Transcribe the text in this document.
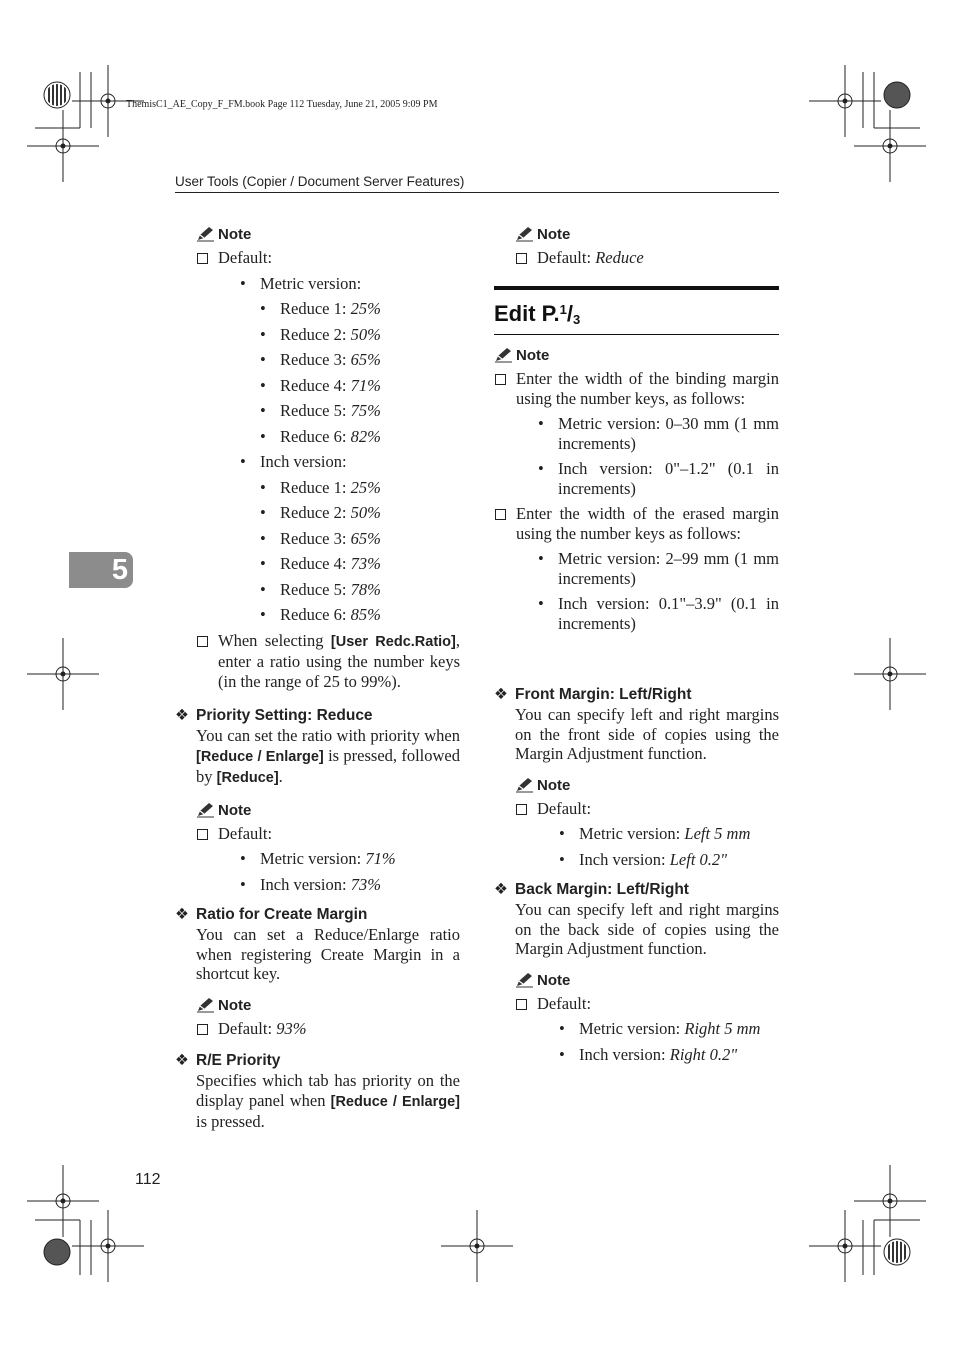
ThemisC1_AE_Copy_F_FM.book Page 112 Tuesday, June 21, 2005 9:09 PM
User Tools (Copier / Document Server Features)
5
112
Note
Default:
• Metric version:
• Reduce 1: 25%
• Reduce 2: 50%
• Reduce 3: 65%
• Reduce 4: 71%
• Reduce 5: 75%
• Reduce 6: 82%
• Inch version:
• Reduce 1: 25%
• Reduce 2: 50%
• Reduce 3: 65%
• Reduce 4: 73%
• Reduce 5: 78%
• Reduce 6: 85%
When selecting [User Redc.Ratio], enter a ratio using the number keys (in the range of 25 to 99%).
❖ Priority Setting: Reduce
You can set the ratio with priority when [Reduce / Enlarge] is pressed, followed by [Reduce].
Note
Default:
• Metric version: 71%
• Inch version: 73%
❖ Ratio for Create Margin
You can set a Reduce/Enlarge ratio when registering Create Margin in a shortcut key.
Note
Default: 93%
❖ R/E Priority
Specifies which tab has priority on the display panel when [Reduce / Enlarge] is pressed.
Note
Default: Reduce
Edit $P.^1/_3$
Note
Enter the width of the binding margin using the number keys, as follows:
• Metric version: 0–30 mm (1 mm increments)
• Inch version: 0"–1.2" (0.1 in increments)
Enter the width of the erased margin using the number keys as follows:
• Metric version: 2–99 mm (1 mm increments)
• Inch version: 0.1"–3.9" (0.1 in increments)
❖ Front Margin: Left/Right
You can specify left and right margins on the front side of copies using the Margin Adjustment function.
Note
Default:
• Metric version: Left 5 mm
• Inch version: Left 0.2"
❖ Back Margin: Left/Right
You can specify left and right margins on the back side of copies using the Margin Adjustment function.
Note
Default:
• Metric version: Right 5 mm
• Inch version: Right 0.2"
